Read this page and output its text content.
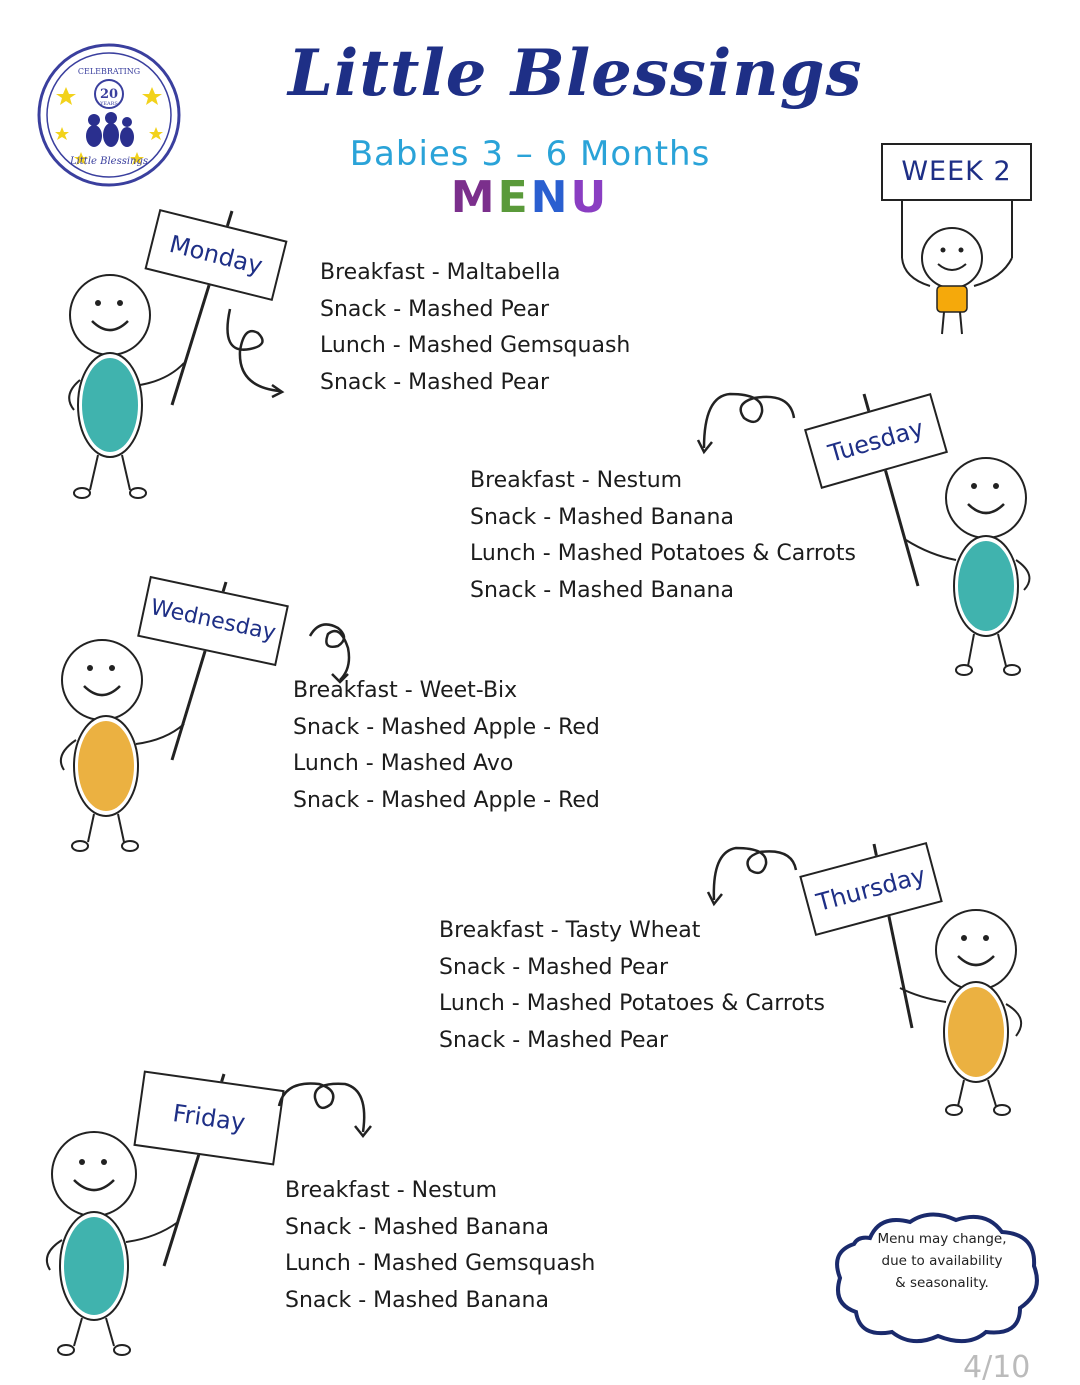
CELEBRATING
20
YEARS
Little Blessings
Little Blessings
Babies 3 – 6 Months
MENU
WEEK 2
Monday	Breakfast - Maltabella
Snack - Mashed Pear
Lunch - Mashed Gemsquash
Snack - Mashed Pear
Tuesday
Breakfast - Nestum
Snack - Mashed Banana
Lunch - Mashed Potatoes & Carrots
Snack - Mashed Banana
Wednesday
Breakfast - Weet-Bix
Snack - Mashed Apple - Red
Lunch - Mashed Avo
Snack - Mashed Apple - Red
Thursday
Breakfast - Tasty Wheat
Snack - Mashed Pear
Lunch - Mashed Potatoes & Carrots
Snack - Mashed Pear
Friday
Breakfast - Nestum
Snack - Mashed Banana
Lunch - Mashed Gemsquash
Snack - Mashed Banana
Menu may change,
due to availability
& seasonality.
4/10
